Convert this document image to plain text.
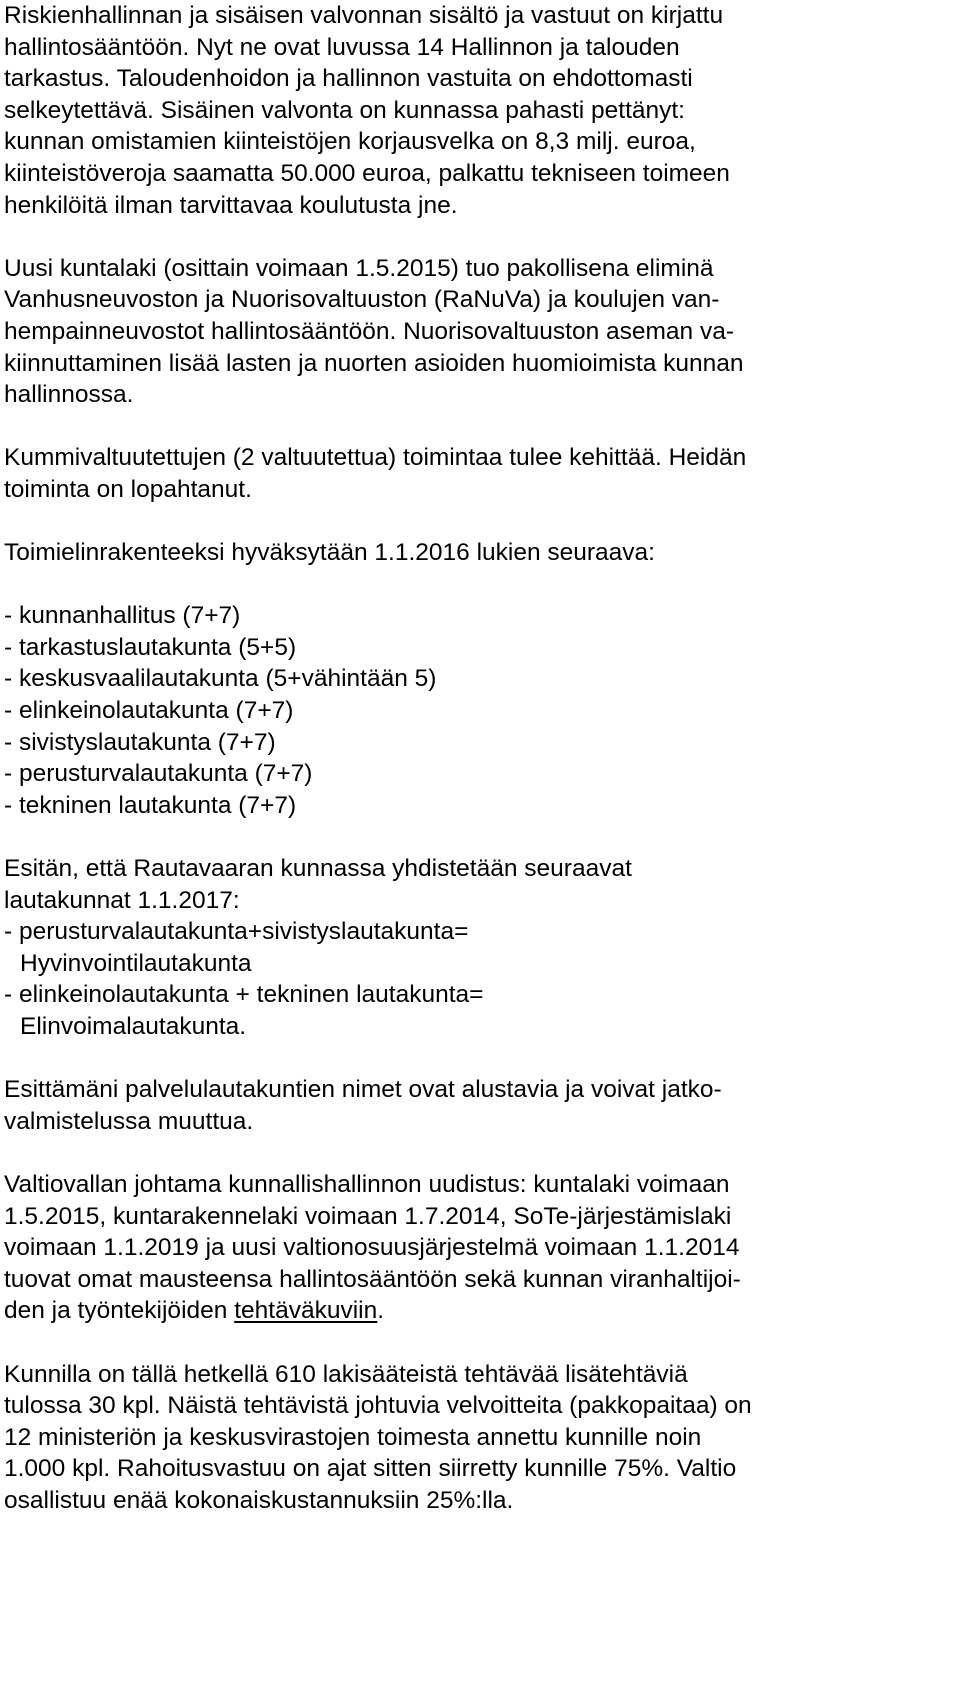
Riskienhallinnan ja sisäisen valvonnan sisältö ja vastuut on kirjattu
hallintosääntöön. Nyt ne ovat luvussa 14 Hallinnon ja talouden
tarkastus. Taloudenhoidon ja hallinnon vastuita on ehdottomasti
selkeytettävä. Sisäinen valvonta on kunnassa pahasti pettänyt:
kunnan omistamien kiinteistöjen korjausvelka on 8,3 milj. euroa,
kiinteistöveroja saamatta 50.000 euroa, palkattu tekniseen toimeen
henkilöitä ilman tarvittavaa koulutusta jne.
Uusi kuntalaki (osittain voimaan 1.5.2015) tuo pakollisena eliminä
Vanhusneuvoston ja Nuorisovaltuuston (RaNuVa) ja koulujen van-
hempainneuvostot hallintosääntöön. Nuorisovaltuuston aseman va-
kiinnuttaminen lisää lasten ja nuorten asioiden huomioimista kunnan
hallinnossa.
Kummivaltuutettujen (2 valtuutettua) toimintaa tulee kehittää. Heidän
toiminta on lopahtanut.
Toimielinrakenteeksi hyväksytään 1.1.2016 lukien seuraava:
- kunnanhallitus (7+7)
- tarkastuslautakunta (5+5)
- keskusvaalilautakunta (5+vähintään 5)
- elinkeinolautakunta (7+7)
- sivistyslautakunta (7+7)
- perusturvalautakunta (7+7)
- tekninen lautakunta (7+7)
Esitän, että Rautavaaran kunnassa yhdistetään seuraavat
lautakunnat 1.1.2017:
- perusturvalautakunta+sivistyslautakunta=
Hyvinvointilautakunta
- elinkeinolautakunta + tekninen lautakunta=
Elinvoimalautakunta.
Esittämäni palvelulautakuntien nimet ovat alustavia ja voivat jatko-
valmistelussa muuttua.
Valtiovallan johtama kunnallishallinnon uudistus: kuntalaki voimaan
1.5.2015, kuntarakennelaki voimaan 1.7.2014, SoTe-järjestämislaki
voimaan 1.1.2019 ja uusi valtionosuusjärjestelmä voimaan 1.1.2014
tuovat omat mausteensa hallintosääntöön sekä kunnan viranhaltijoi-
den ja työntekijöiden tehtäväkuviin.
Kunnilla on tällä hetkellä 610 lakisääteistä tehtävää lisätehtäviä
tulossa 30 kpl. Näistä tehtävistä johtuvia velvoitteita (pakkopaitaa) on
12 ministeriön ja keskusvirastojen toimesta annettu kunnille noin
1.000 kpl. Rahoitusvastuu on ajat sitten siirretty kunnille 75%. Valtio
osallistuu enää kokonaiskustannuksiin 25%:lla.
